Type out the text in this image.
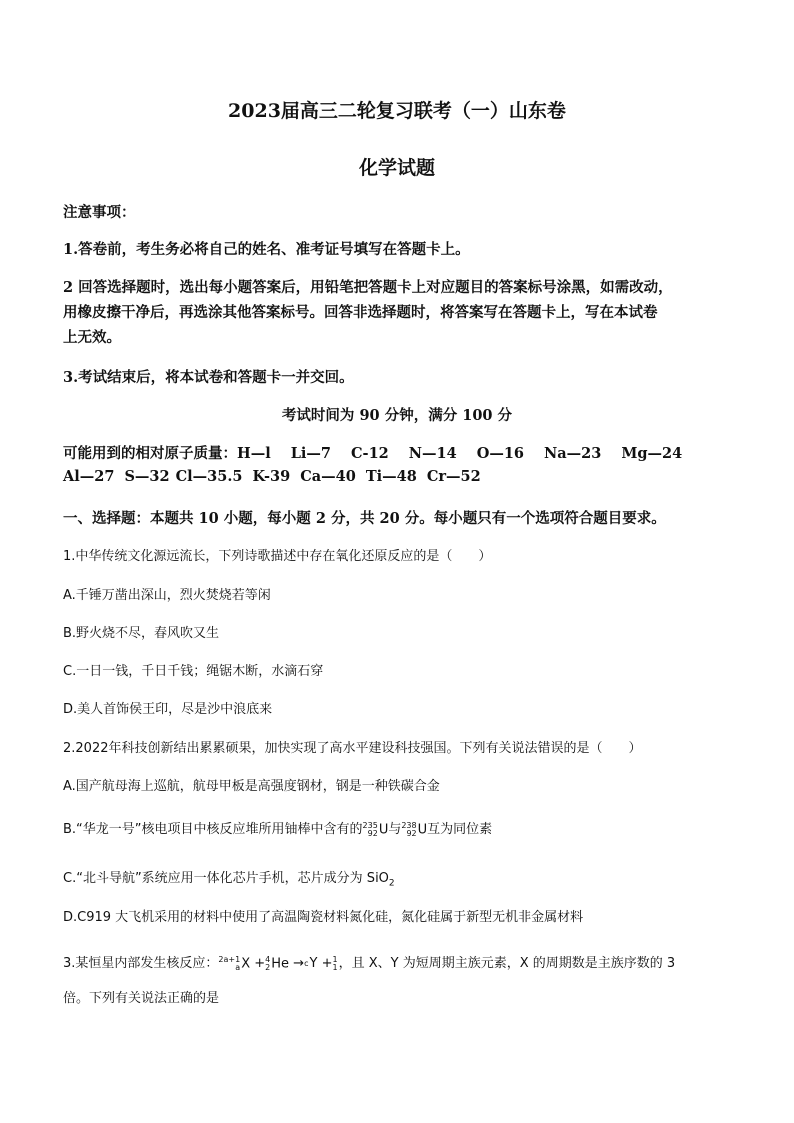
2023届高三二轮复习联考（一）山东卷
化学试题
注意事项：
1.答卷前，考生务必将自己的姓名、准考证号填写在答题卡上。
2 回答选择题时，选出每小题答案后，用铅笔把答题卡上对应题目的答案标号涂黑，如需改动，
用橡皮擦干净后，再选涂其他答案标号。回答非选择题时，将答案写在答题卡上，写在本试卷
上无效。
3.考试结束后，将本试卷和答题卡一并交回。
考试时间为 90 分钟，满分 100 分
可能用到的相对原子质量：H—l Li—7 C-12 N—14 O—16 Na—23 Mg—24
Al—27 S—32 Cl—35.5 K-39 Ca—40 Ti—48 Cr—52
一、选择题：本题共 10 小题，每小题 2 分，共 20 分。每小题只有一个选项符合题目要求。
1.中华传统文化源远流长，下列诗歌描述中存在氧化还原反应的是（　　）
A.千锤万凿出深山，烈火焚烧若等闲
B.野火烧不尽，春风吹又生
C.一日一钱，千日千钱；绳锯木断，水滴石穿
D.美人首饰侯王印，尽是沙中浪底来
2.2022年科技创新结出累累硕果，加快实现了高水平建设科技强国。下列有关说法错误的是（　　）
A.国产航母海上巡航，航母甲板是高强度钢材，钢是一种铁碳合金
B.“华龙一号”核电项目中核反应堆所用铀棒中含有的 235
92 U与 238
92 U互为同位素
C.“北斗导航”系统应用一体化芯片手机，芯片成分为 SiO$_2$
D.C919 大飞机采用的材料中使用了高温陶瓷材料氮化硅，氮化硅属于新型无机非金属材料
3.某恒星内部发生核反应： 2a+1
a X + 4
2 He → c Y + 1
1 ，且 X、Y 为短周期主族元素，X 的周期数是主族序数的 3
倍。下列有关说法正确的是
